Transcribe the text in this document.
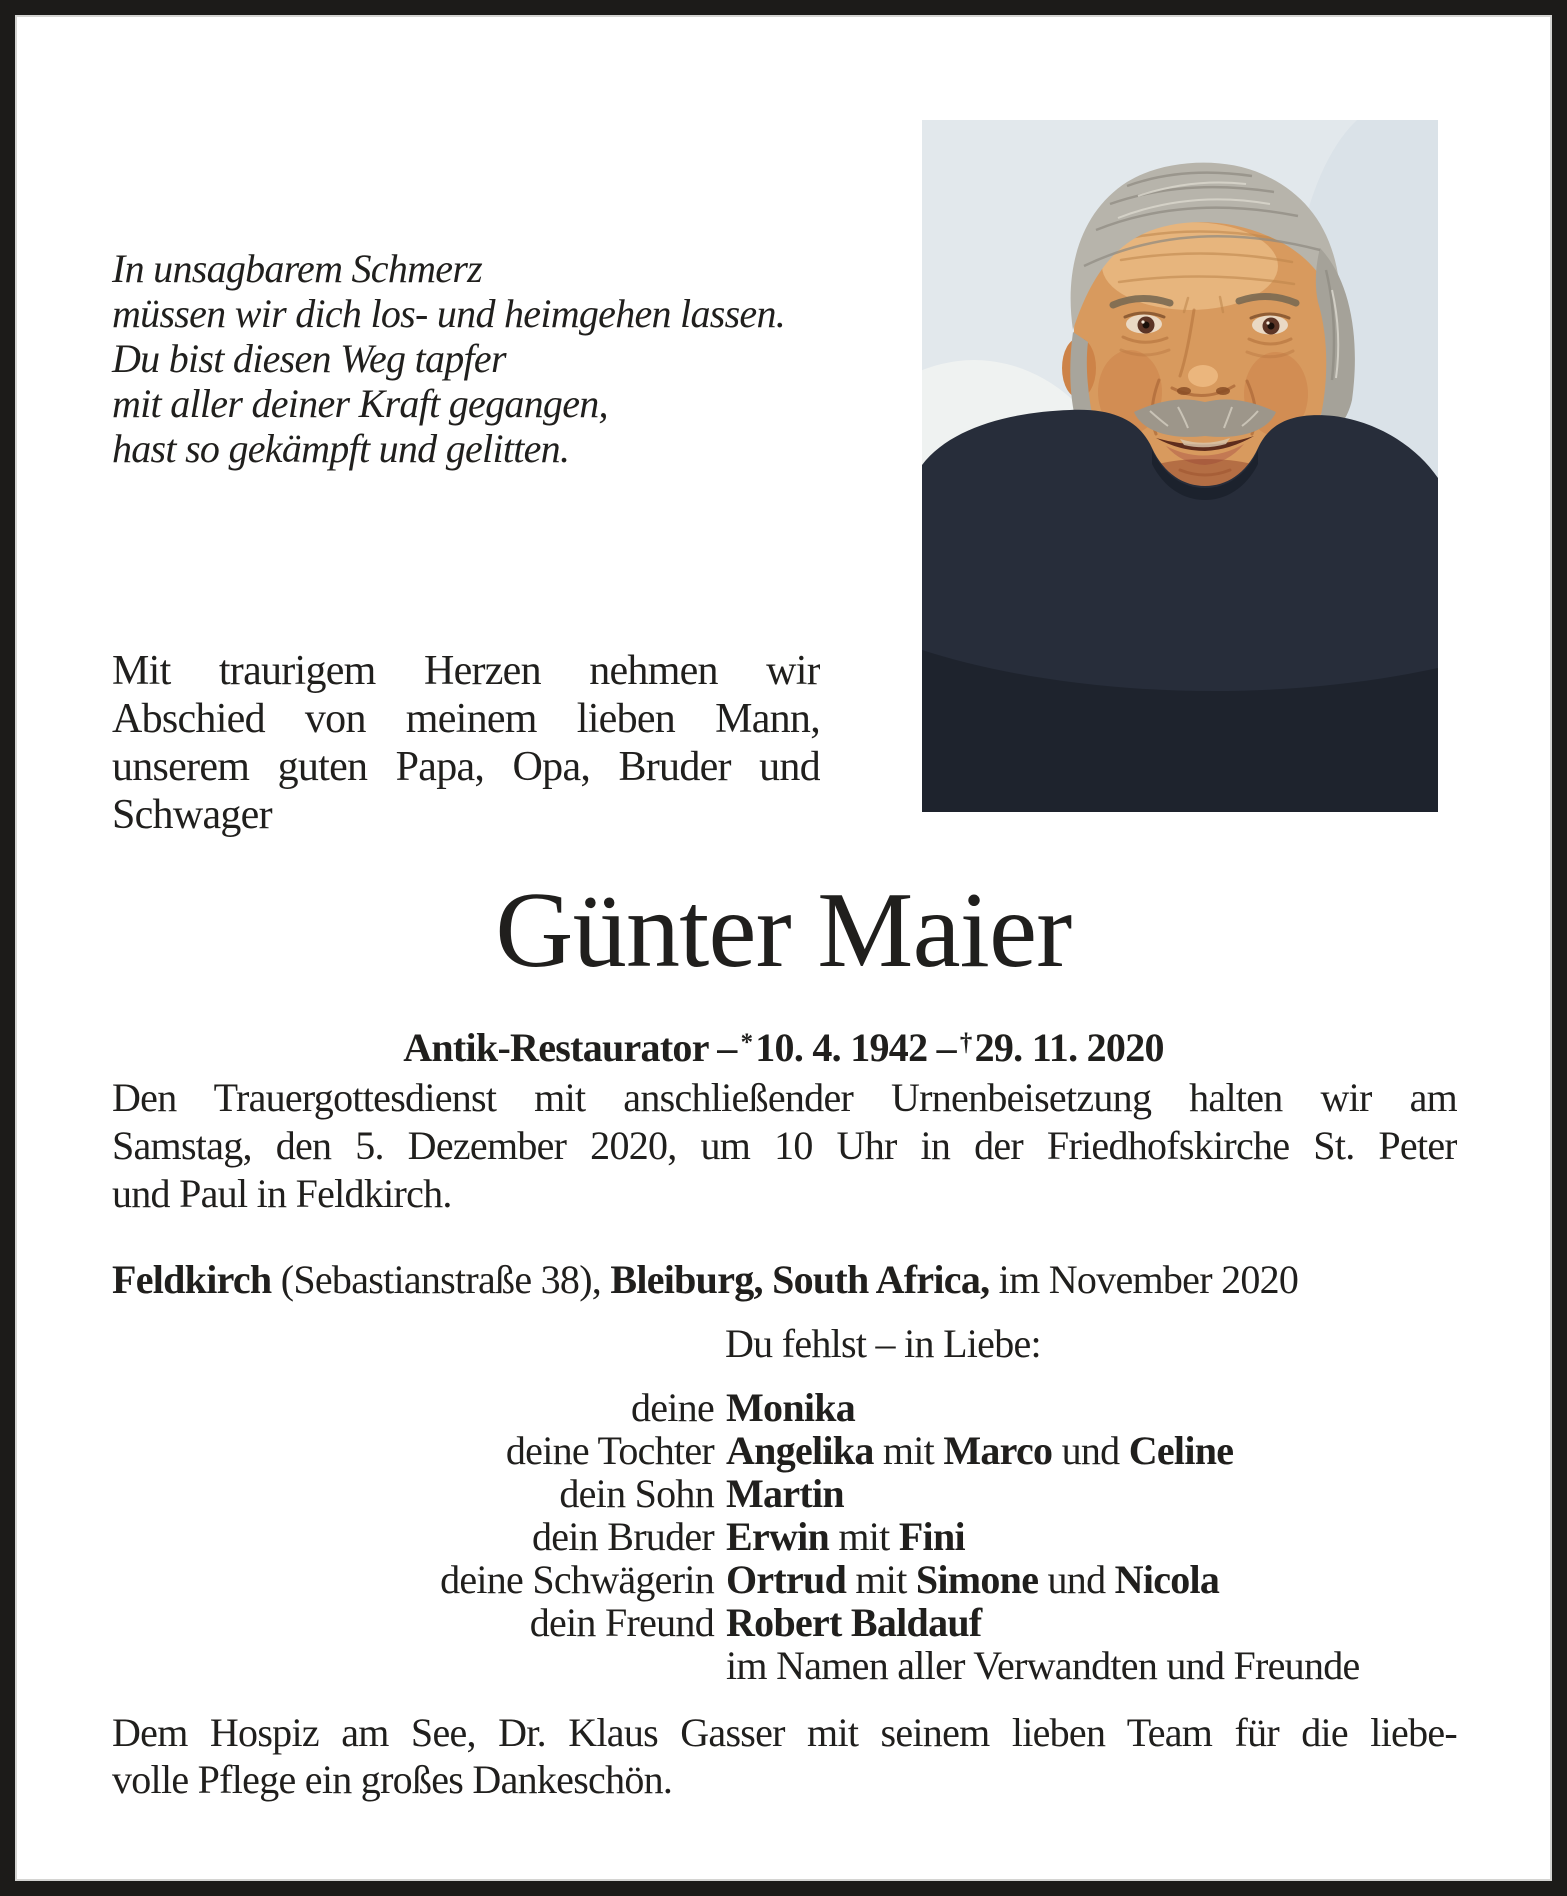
In unsagbarem Schmerz
müssen wir dich los- und heimgehen lassen.
Du bist diesen Weg tapfer
mit aller deiner Kraft gegangen,
hast so gekämpft und gelitten.
Mit traurigem Herzen nehmen wir
Abschied von meinem lieben Mann,
unserem guten Papa, Opa, Bruder und
Schwager
Günter Maier
Antik-Restaurator – *10. 4. 1942 – †29. 11. 2020
Den Trauergottesdienst mit anschließender Urnenbeisetzung halten wir am
Samstag, den 5. Dezember 2020, um 10 Uhr in der Friedhofskirche St. Peter
und Paul in Feldkirch.
Feldkirch (Sebastianstraße 38), Bleiburg, South Africa, im November 2020
Du fehlst – in Liebe:
deine Monika
deine Tochter Angelika mit Marco und Celine
dein Sohn Martin
dein Bruder Erwin mit Fini
deine Schwägerin Ortrud mit Simone und Nicola
dein Freund Robert Baldauf
im Namen aller Verwandten und Freunde
Dem Hospiz am See, Dr. Klaus Gasser mit seinem lieben Team für die liebe-
volle Pflege ein großes Dankeschön.
